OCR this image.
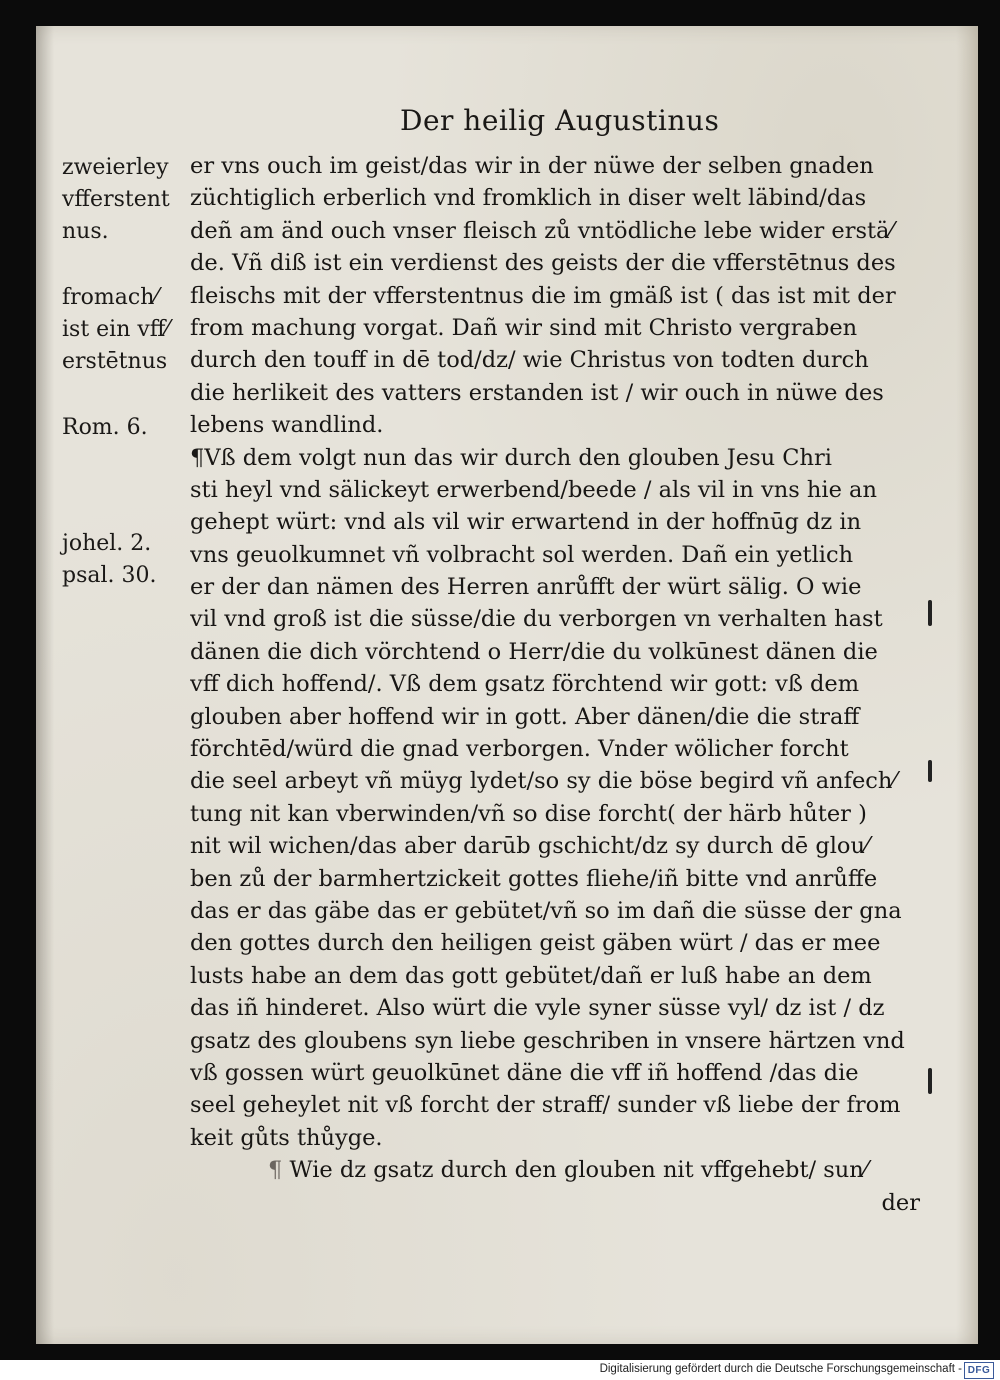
Der heilig Augustinus
zweierley
vfferstent
nus.
fromach⁄
ist ein vff⁄
erstētnus
Rom. 6.
johel. 2.
psal. 30.
er vns ouch im geist/das wir in der nüwe der selben gnaden
züchtiglich erberlich vnd fromklich in diser welt läbind/das
deñ am änd ouch vnser fleisch zů vntödliche lebe wider erstä⁄
de. Vñ diß ist ein verdienst des geists der die vfferstētnus des
fleischs mit der vfferstentnus die im gmäß ist ( das ist mit der
from machung vorgat. Dañ wir sind mit Christo vergraben
durch den touff in dē tod/dz/ wie Christus von todten durch
die herlikeit des vatters erstanden ist / wir ouch in nüwe des
lebens wandlind.
¶Vß dem volgt nun das wir durch den glouben Jesu Chri
sti heyl vnd sälickeyt erwerbend/beede / als vil in vns hie an
gehept würt: vnd als vil wir erwartend in der hoffnūg dz in
vns geuolkumnet vñ volbracht sol werden. Dañ ein yetlich
er der dan nämen des Herren anrůfft der würt sälig. O wie
vil vnd groß ist die süsse/die du verborgen vn verhalten hast
dänen die dich vörchtend o Herr/die du volkūnest dänen die
vff dich hoffend/. Vß dem gsatz förchtend wir gott: vß dem
glouben aber hoffend wir in gott. Aber dänen/die die straff
förchtēd/würd die gnad verborgen. Vnder wölicher forcht
die seel arbeyt vñ müyg lydet/so sy die böse begird vñ anfech⁄
tung nit kan vberwinden/vñ so dise forcht( der härb hůter )
nit wil wichen/das aber darūb gschicht/dz sy durch dē glou⁄
ben zů der barmhertzickeit gottes fliehe/iñ bitte vnd anrůffe
das er das gäbe das er gebütet/vñ so im dañ die süsse der gna
den gottes durch den heiligen geist gäben würt / das er mee
lusts habe an dem das gott gebütet/dañ er luß habe an dem
das iñ hinderet. Also würt die vyle syner süsse vyl/ dz ist / dz
gsatz des gloubens syn liebe geschriben in vnsere härtzen vnd
vß gossen würt geuolkūnet däne die vff iñ hoffend /das die
seel geheylet nit vß forcht der straff/ sunder vß liebe der from
keit gůts thůyge.
¶ Wie dz gsatz durch den glouben nit vffgehebt/ sun⁄
der
Digitalisierung gefördert durch die Deutsche Forschungsgemeinschaft - DFG
